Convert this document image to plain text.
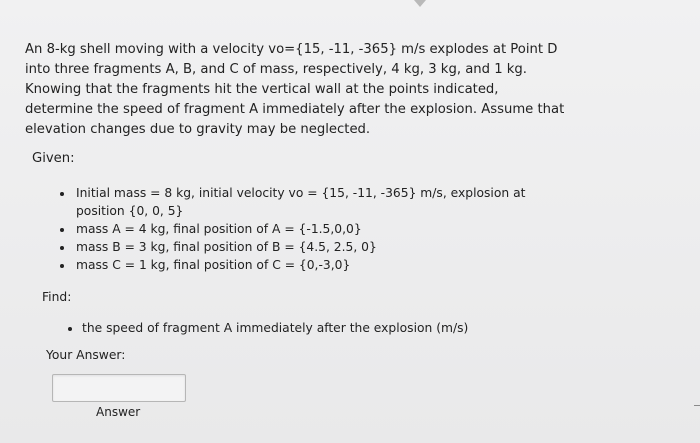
An 8-kg shell moving with a velocity vo={15, -11, -365} m/s explodes at Point D into three fragments A, B, and C of mass, respectively, 4 kg, 3 kg, and 1 kg. Knowing that the fragments hit the vertical wall at the points indicated, determine the speed of fragment A immediately after the explosion. Assume that elevation changes due to gravity may be neglected.
Given:
• Initial mass = 8 kg, initial velocity vo = {15, -11, -365} m/s, explosion at position {0, 0, 5}
• mass A = 4 kg, final position of A = {-1.5,0,0}
• mass B = 3 kg, final position of B = {4.5, 2.5, 0}
• mass C = 1 kg, final position of C = {0,-3,0}
Find:
• the speed of fragment A immediately after the explosion (m/s)
Your Answer:
Answer
